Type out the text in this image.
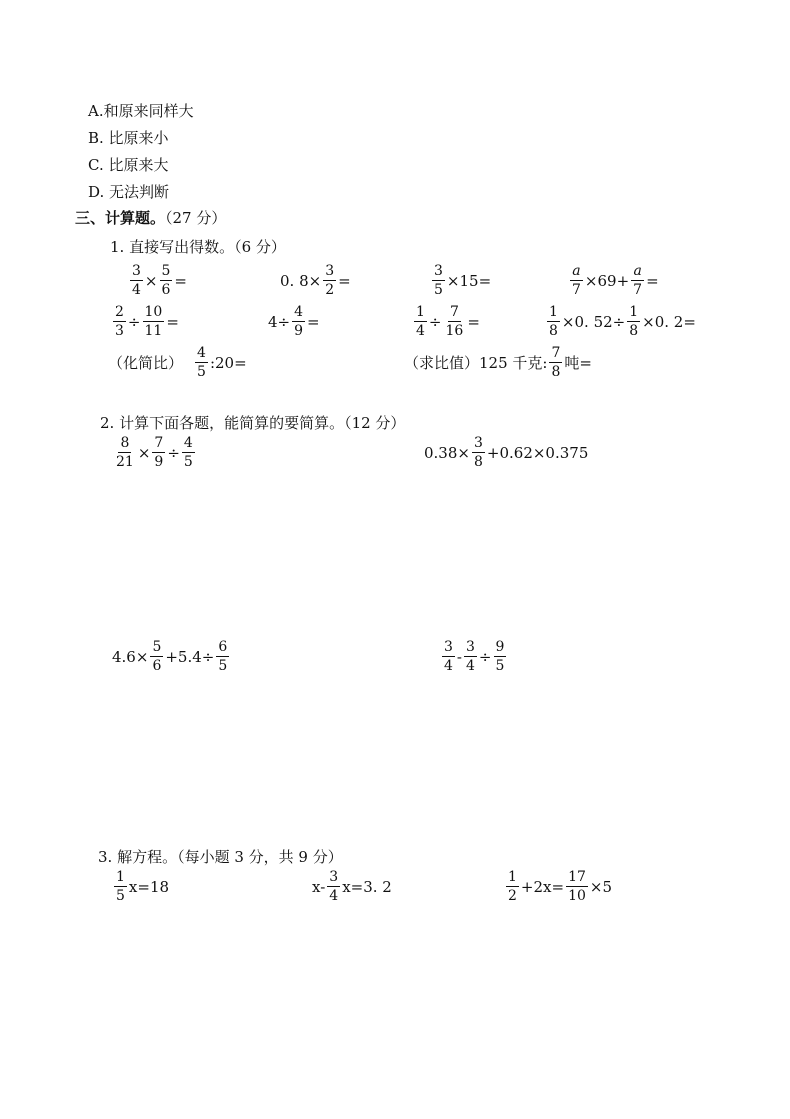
A.和原来同样大
B. 比原来小
C. 比原来大
D. 无法判断
三、计算题。（27 分）
1. 直接写出得数。（6 分）
$\frac{3}{4} \times \frac{5}{6}$ =	0. $8\times \frac{3}{2}$ =	$\frac{3}{5} \times 15=$	$\frac{a}{7} \times 69+ \frac{a}{7}$ =
$\frac{2}{3} \div \frac{10}{11}$ =	$4\div \frac{4}{9}$ =	$\frac{1}{4} \div \frac{7}{16}$ =	$\frac{1}{8} \times 0$. $52\div \frac{1}{8} \times 0$. 2=
（化简比） $\frac{4}{5}$ :20=	（求比值）125 千克: $\frac{7}{8}$ 吨=
2. 计算下面各题，能简算的要简算。（12 分）
$\frac{8}{21} \times \frac{7}{9} \div \frac{4}{5}$	$0.38\times \frac{3}{8} +0.62\times 0.375$
$4.6\times \frac{5}{6} +5.4\div \frac{6}{5}$	$\frac{3}{4} - \frac{3}{4} \div \frac{9}{5}$
3. 解方程。（每小题 3 分，共 9 分）
$\frac{1}{5} x=18$	$x- \frac{3}{4} x=3$. 2	$\frac{1}{2} +2x= \frac{17}{10} \times 5$
